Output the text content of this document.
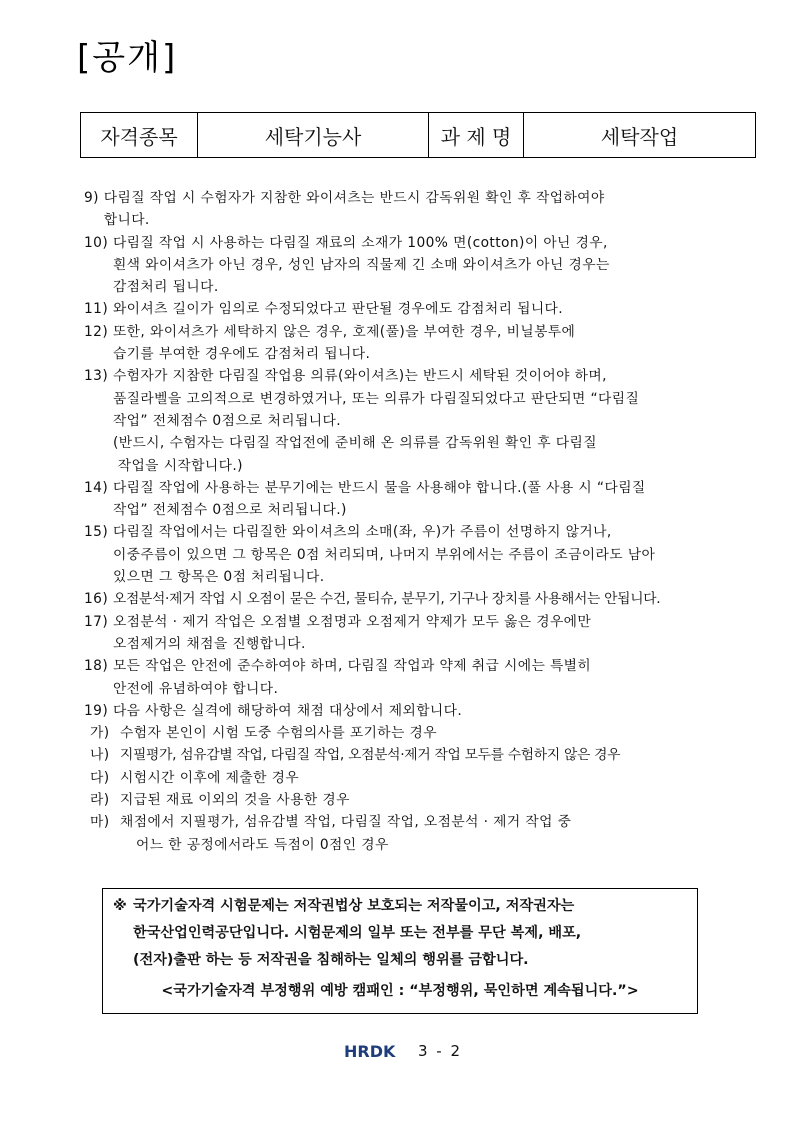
[공개]
자격종목	세탁기능사	과 제 명	세탁작업
9) 다림질 작업 시 수험자가 지참한 와이셔츠는 반드시 감독위원 확인 후 작업하여야
합니다.
10) 다림질 작업 시 사용하는 다림질 재료의 소재가 100% 면(cotton)이 아닌 경우,
흰색 와이셔츠가 아닌 경우, 성인 남자의 직물제 긴 소매 와이셔츠가 아닌 경우는
감점처리 됩니다.
11) 와이셔츠 길이가 임의로 수정되었다고 판단될 경우에도 감점처리 됩니다.
12) 또한, 와이셔츠가 세탁하지 않은 경우, 호제(풀)을 부여한 경우, 비닐봉투에
습기를 부여한 경우에도 감점처리 됩니다.
13) 수험자가 지참한 다림질 작업용 의류(와이셔츠)는 반드시 세탁된 것이어야 하며,
품질라벨을 고의적으로 변경하였거나, 또는 의류가 다림질되었다고 판단되면 “다림질
작업” 전체점수 0점으로 처리됩니다.
(반드시, 수험자는 다림질 작업전에 준비해 온 의류를 감독위원 확인 후 다림질
작업을 시작합니다.)
14) 다림질 작업에 사용하는 분무기에는 반드시 물을 사용해야 합니다.(풀 사용 시 “다림질
작업” 전체점수 0점으로 처리됩니다.)
15) 다림질 작업에서는 다림질한 와이셔츠의 소매(좌, 우)가 주름이 선명하지 않거나,
이중주름이 있으면 그 항목은 0점 처리되며, 나머지 부위에서는 주름이 조금이라도 남아
있으면 그 항목은 0점 처리됩니다.
16) 오점분석·제거 작업 시 오점이 묻은 수건, 물티슈, 분무기, 기구나 장치를 사용해서는 안됩니다.
17) 오점분석 · 제거 작업은 오점별 오점명과 오점제거 약제가 모두 옳은 경우에만
오점제거의 채점을 진행합니다.
18) 모든 작업은 안전에 준수하여야 하며, 다림질 작업과 약제 취급 시에는 특별히
안전에 유념하여야 합니다.
19) 다음 사항은 실격에 해당하여 채점 대상에서 제외합니다.
가) 수험자 본인이 시험 도중 수험의사를 포기하는 경우
나) 지필평가, 섬유감별 작업, 다림질 작업, 오점분석·제거 작업 모두를 수험하지 않은 경우
다) 시험시간 이후에 제출한 경우
라) 지급된 재료 이외의 것을 사용한 경우
마) 채점에서 지필평가, 섬유감별 작업, 다림질 작업, 오점분석 · 제거 작업 중
어느 한 공정에서라도 득점이 0점인 경우
※ 국가기술자격 시험문제는 저작권법상 보호되는 저작물이고, 저작권자는
한국산업인력공단입니다. 시험문제의 일부 또는 전부를 무단 복제, 배포,
(전자)출판 하는 등 저작권을 침해하는 일체의 행위를 금합니다.
<국가기술자격 부정행위 예방 캠패인 : “부정행위, 묵인하면 계속됩니다.”>
HRDK 3 - 2
